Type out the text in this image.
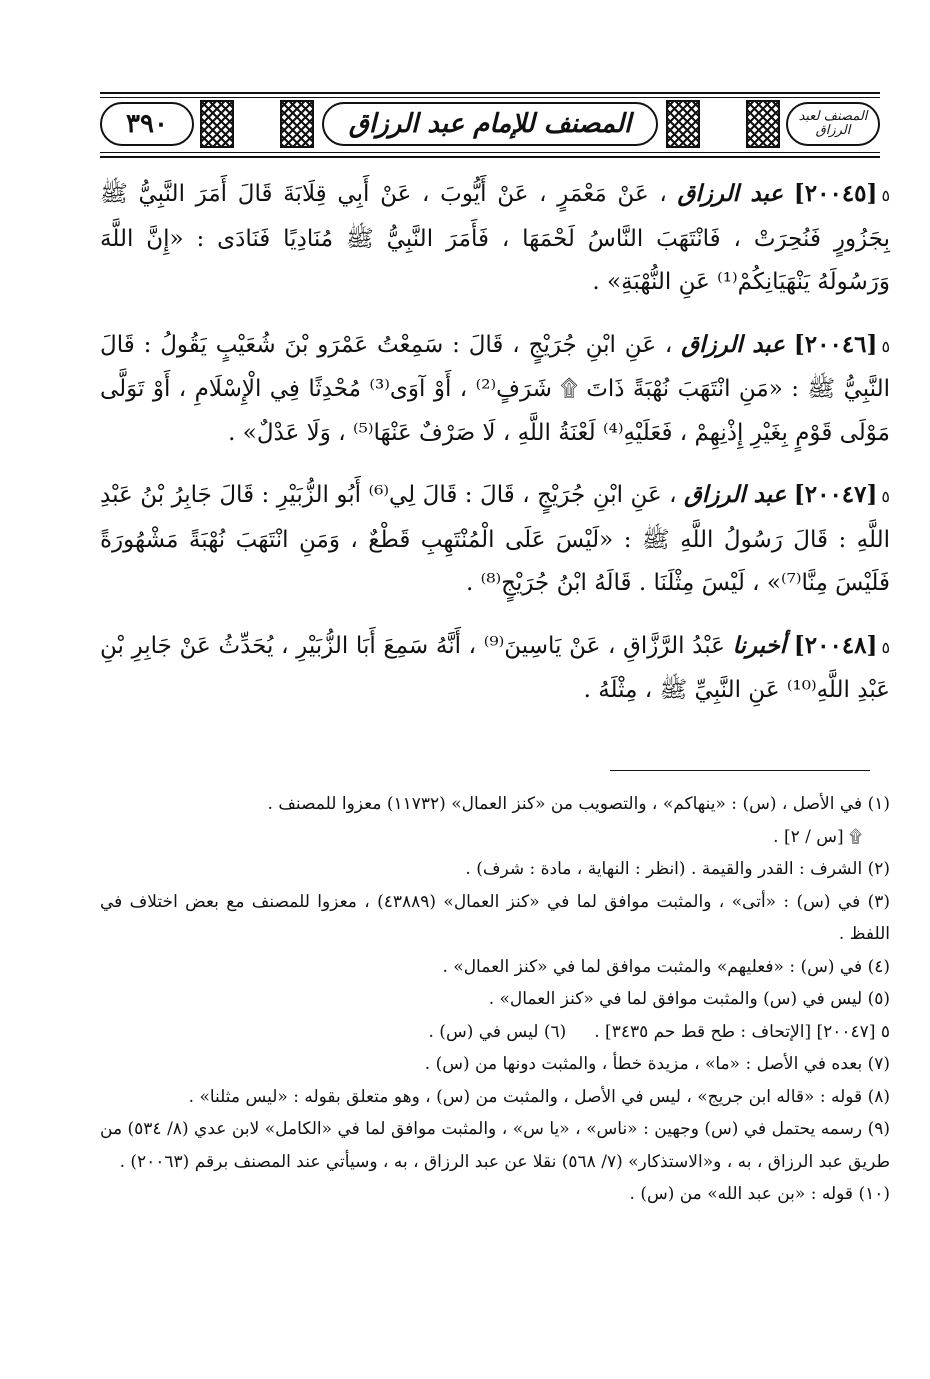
٣٩٠	المصنف للإمام عبد الرزاق	المصنف لعبد الرزاق

٥[٢٠٠٤٥] عبد الرزاق ، عَنْ مَعْمَرٍ ، عَنْ أَيُّوبَ ، عَنْ أَبِي قِلَابَةَ قَالَ أَمَرَ النَّبِيُّ ﷺ بِجَزُورٍ فَنُحِرَتْ ، فَانْتَهَبَ النَّاسُ لَحْمَهَا ، فَأَمَرَ النَّبِيُّ ﷺ مُنَادِيًا فَنَادَى : «إِنَّ اللَّهَ وَرَسُولَهُ يَنْهَيَانِكُمْ⁽¹⁾ عَنِ النُّهْبَةِ» .

٥[٢٠٠٤٦] عبد الرزاق ، عَنِ ابْنِ جُرَيْجٍ ، قَالَ : سَمِعْتُ عَمْرَو بْنَ شُعَيْبٍ يَقُولُ : قَالَ النَّبِيُّ ﷺ : «مَنِ انْتَهَبَ نُهْبَةً ذَاتَ ۩ شَرَفٍ⁽²⁾ ، أَوْ آوَى⁽³⁾ مُحْدِثًا فِي الْإِسْلَامِ ، أَوْ تَوَلَّى مَوْلَى قَوْمٍ بِغَيْرِ إِذْنِهِمْ ، فَعَلَيْهِ⁽⁴⁾ لَعْنَةُ اللَّهِ ، لَا صَرْفٌ عَنْهَا⁽⁵⁾ ، وَلَا عَدْلٌ» .

٥[٢٠٠٤٧] عبد الرزاق ، عَنِ ابْنِ جُرَيْجٍ ، قَالَ : قَالَ لِي⁽⁶⁾ أَبُو الزُّبَيْرِ : قَالَ جَابِرُ بْنُ عَبْدِ اللَّهِ : قَالَ رَسُولُ اللَّهِ ﷺ : «لَيْسَ عَلَى الْمُنْتَهِبِ قَطْعٌ ، وَمَنِ انْتَهَبَ نُهْبَةً مَشْهُورَةً فَلَيْسَ مِنَّا⁽⁷⁾» ، لَيْسَ مِثْلَنَا . قَالَهُ ابْنُ جُرَيْجٍ⁽⁸⁾ .

٥[٢٠٠٤٨] أخبرنا عَبْدُ الرَّزَّاقِ ، عَنْ يَاسِينَ⁽⁹⁾ ، أَنَّهُ سَمِعَ أَبَا الزُّبَيْرِ ، يُحَدِّثُ عَنْ جَابِرِ بْنِ عَبْدِ اللَّهِ⁽¹⁰⁾ عَنِ النَّبِيِّ ﷺ ، مِثْلَهُ .

(١) في الأصل ، (س) : «ينهاكم» ، والتصويب من «كنز العمال» (١١٧٣٢) معزوا للمصنف .

۩ [س / ٢] .

(٢) الشرف : القدر والقيمة . (انظر : النهاية ، مادة : شرف) .

(٣) في (س) : «أتى» ، والمثبت موافق لما في «كنز العمال» (٤٣٨٨٩) ، معزوا للمصنف مع بعض اختلاف في اللفظ .

(٤) في (س) : «فعليهم» والمثبت موافق لما في «كنز العمال» .

(٥) ليس في (س) والمثبت موافق لما في «كنز العمال» .

٥ [٢٠٠٤٧] [الإتحاف : طح قط حم ٣٤٣٥] .
(٦) ليس في (س) .

(٧) بعده في الأصل : «ما» ، مزيدة خطأ ، والمثبت دونها من (س) .

(٨) قوله : «قاله ابن جريج» ، ليس في الأصل ، والمثبت من (س) ، وهو متعلق بقوله : «ليس مثلنا» .

(٩) رسمه يحتمل في (س) وجهين : «ناس» ، «يا س» ، والمثبت موافق لما في «الكامل» لابن عدي (٨/ ٥٣٤) من طريق عبد الرزاق ، به ، و«الاستذكار» (٧/ ٥٦٨) نقلا عن عبد الرزاق ، به ، وسيأتي عند المصنف برقم (٢٠٠٦٣) .

(١٠) قوله : «بن عبد الله» من (س) .
